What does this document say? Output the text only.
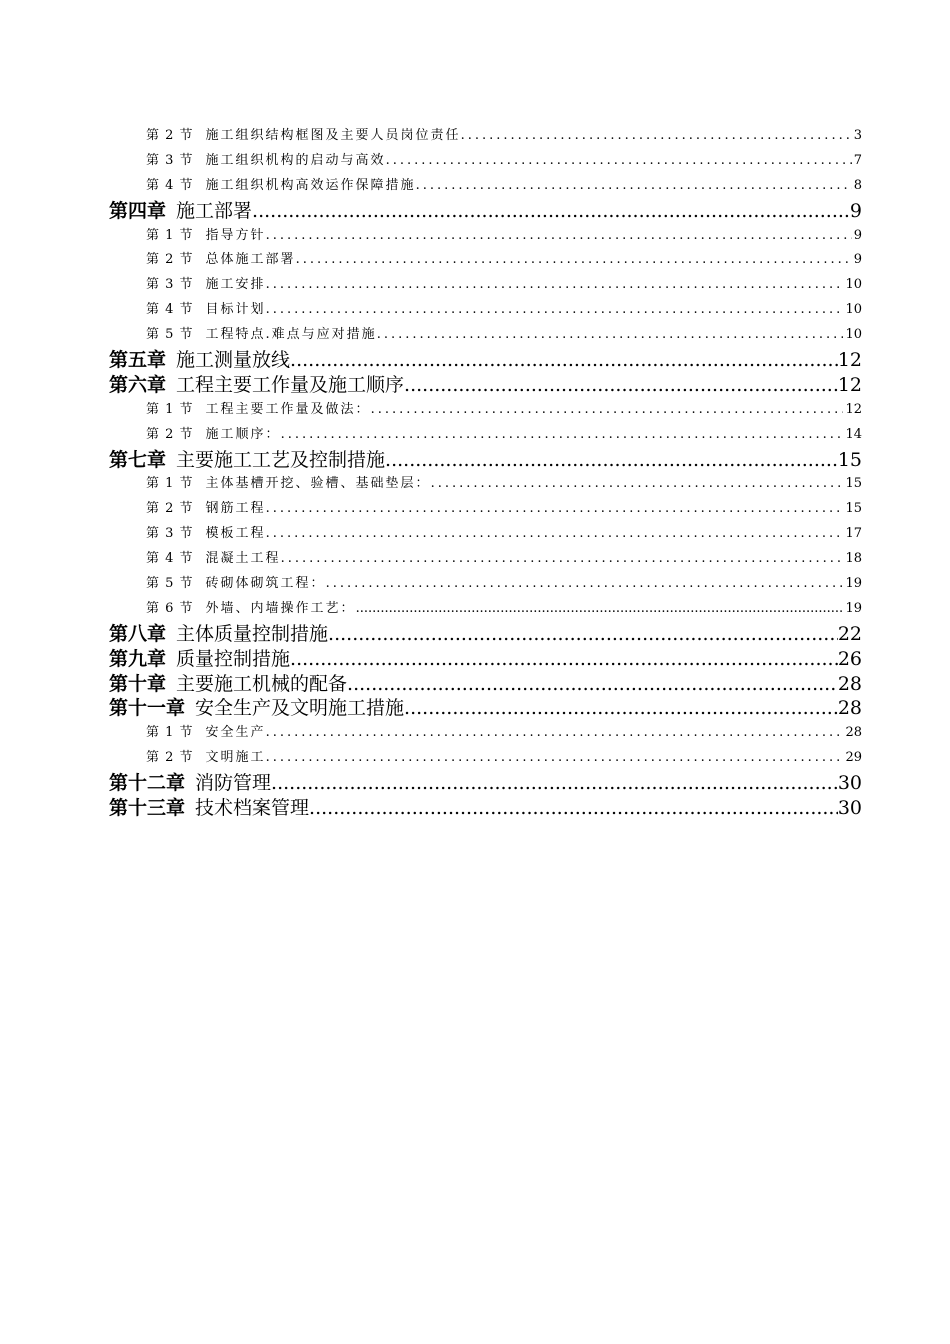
第 2 节 施工组织结构框图及主要人员岗位责任 .....	3
第 3 节 施工组织机构的启动与高效 .....	7
第 4 节 施工组织机构高效运作保障措施 .....	8
第四章 施工部署 .....	9
第 1 节 指导方针 .....	9
第 2 节 总体施工部署 .....	9
第 3 节 施工安排 .....	10
第 4 节 目标计划 .....	10
第 5 节 工程特点.难点与应对措施 .....	10
第五章 施工测量放线 .....	12
第六章 工程主要工作量及施工顺序 .....	12
第 1 节 工程主要工作量及做法： .....	12
第 2 节 施工顺序： .....	14
第七章 主要施工工艺及控制措施 .....	15
第 1 节 主体基槽开挖、验槽、基础垫层： .....	15
第 2 节 钢筋工程 .....	15
第 3 节 模板工程 .....	17
第 4 节 混凝土工程 .....	18
第 5 节 砖砌体砌筑工程： .....	19
第 6 节 外墙、内墙操作工艺： .....	19
第八章 主体质量控制措施 .....	22
第九章 质量控制措施 .....	26
第十章 主要施工机械的配备 .....	28
第十一章 安全生产及文明施工措施 .....	28
第 1 节 安全生产 .....	28
第 2 节 文明施工 .....	29
第十二章 消防管理 .....	30
第十三章 技术档案管理 .....	30
